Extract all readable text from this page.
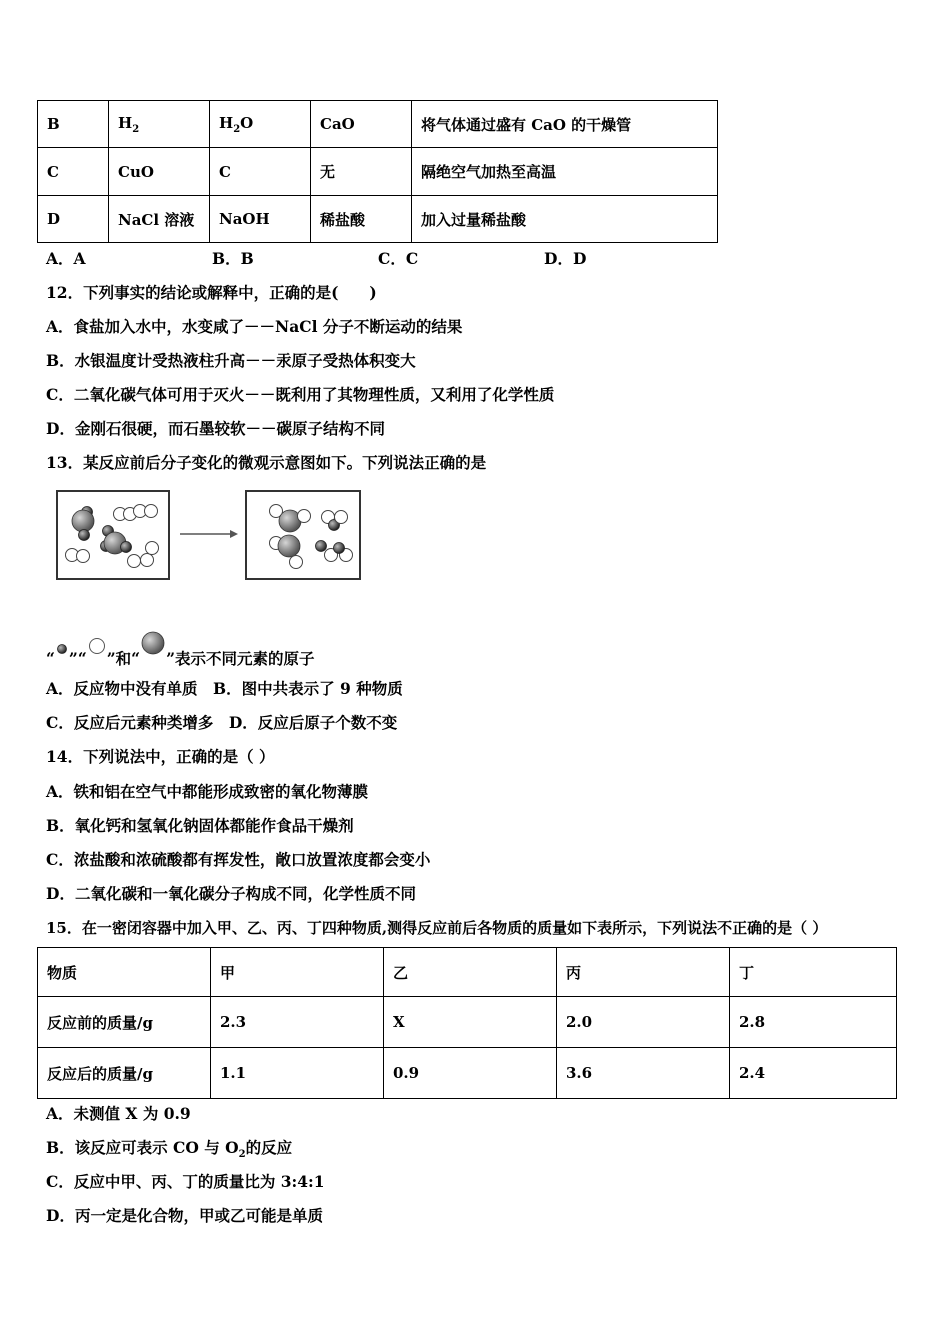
B	$H_2$	$H_2O$	CaO	将气体通过盛有 CaO 的干燥管
C	CuO	C	无	隔绝空气加热至高温
D	NaCl 溶液	NaOH	稀盐酸	加入过量稀盐酸
A．A	B．B	C．C	D．D
12．下列事实的结论或解释中，正确的是(　　)
A．食盐加入水中，水变咸了－－NaCl 分子不断运动的结果
B．水银温度计受热液柱升高－－汞原子受热体积变大
C．二氧化碳气体可用于灭火－－既利用了其物理性质，又利用了化学性质
D．金刚石很硬，而石墨较软－－碳原子结构不同
13．某反应前后分子变化的微观示意图如下。下列说法正确的是
“ ”“ ”和“ ”表示不同元素的原子
A．反应物中没有单质　B．图中共表示了 9 种物质
C．反应后元素种类增多　D．反应后原子个数不变
14．下列说法中，正确的是（ ）
A．铁和铝在空气中都能形成致密的氧化物薄膜
B．氧化钙和氢氧化钠固体都能作食品干燥剂
C．浓盐酸和浓硫酸都有挥发性，敞口放置浓度都会变小
D．二氧化碳和一氧化碳分子构成不同，化学性质不同
15．在一密闭容器中加入甲、乙、丙、丁四种物质,测得反应前后各物质的质量如下表所示，下列说法不正确的是（ ）
物质	甲	乙	丙	丁
反应前的质量/g	2.3	X	2.0	2.8
反应后的质量/g	1.1	0.9	3.6	2.4
A．未测值 X 为 0.9
B．该反应可表示 CO 与 $O_2$的反应
C．反应中甲、丙、丁的质量比为 3:4:1
D．丙一定是化合物，甲或乙可能是单质
